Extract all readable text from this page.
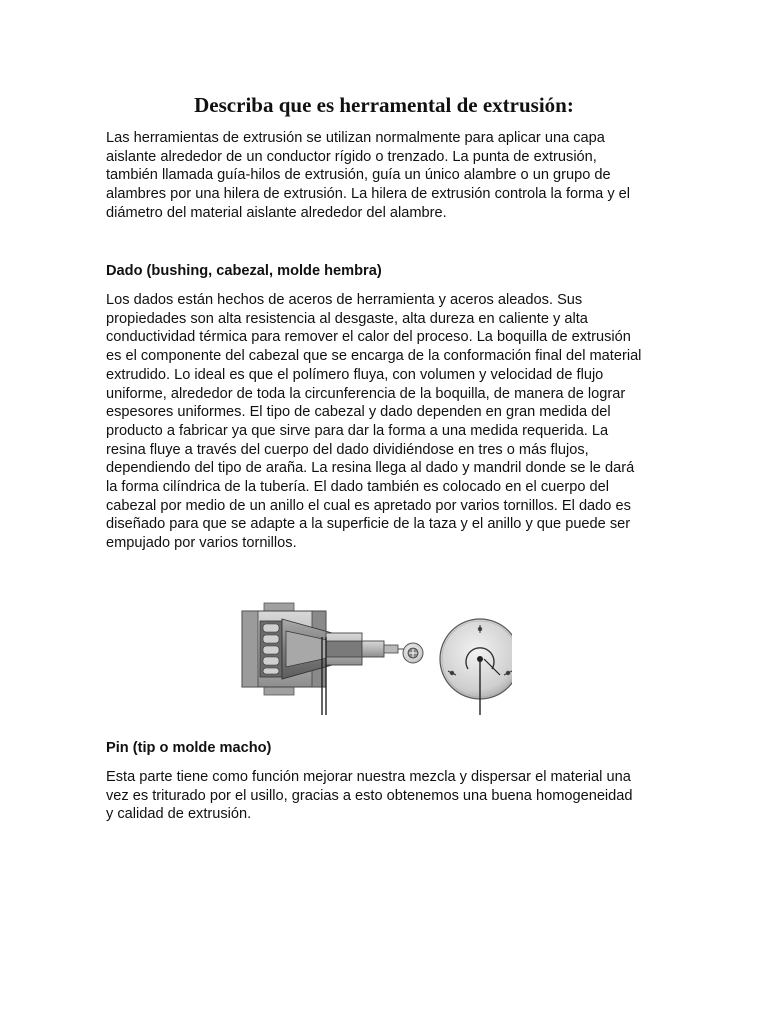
Describa que es herramental de extrusión:

Las herramientas de extrusión se utilizan normalmente para aplicar una capa
aislante alrededor de un conductor rígido o trenzado. La punta de extrusión,
también llamada guía-hilos de extrusión, guía un único alambre o un grupo de
alambres por una hilera de extrusión. La hilera de extrusión controla la forma y el
diámetro del material aislante alrededor del alambre.

Dado (bushing, cabezal, molde hembra)

Los dados están hechos de aceros de herramienta y aceros aleados. Sus
propiedades son alta resistencia al desgaste, alta dureza en caliente y alta
conductividad térmica para remover el calor del proceso. La boquilla de extrusión
es el componente del cabezal que se encarga de la conformación final del material
extrudido. Lo ideal es que el polímero fluya, con volumen y velocidad de flujo
uniforme, alrededor de toda la circunferencia de la boquilla, de manera de lograr
espesores uniformes. El tipo de cabezal y dado dependen en gran medida del
producto a fabricar ya que sirve para dar la forma a una medida requerida. La
resina fluye a través del cuerpo del dado dividiéndose en tres o más flujos,
dependiendo del tipo de araña. La resina llega al dado y mandril donde se le dará
la forma cilíndrica de la tubería. El dado también es colocado en el cuerpo del
cabezal por medio de un anillo el cual es apretado por varios tornillos. El dado es
diseñado para que se adapte a la superficie de la taza y el anillo y que puede ser
empujado por varios tornillos.

Pin (tip o molde macho)

Esta parte tiene como función mejorar nuestra mezcla y dispersar el material una
vez es triturado por el usillo, gracias a esto obtenemos una buena homogeneidad
y calidad de extrusión.
